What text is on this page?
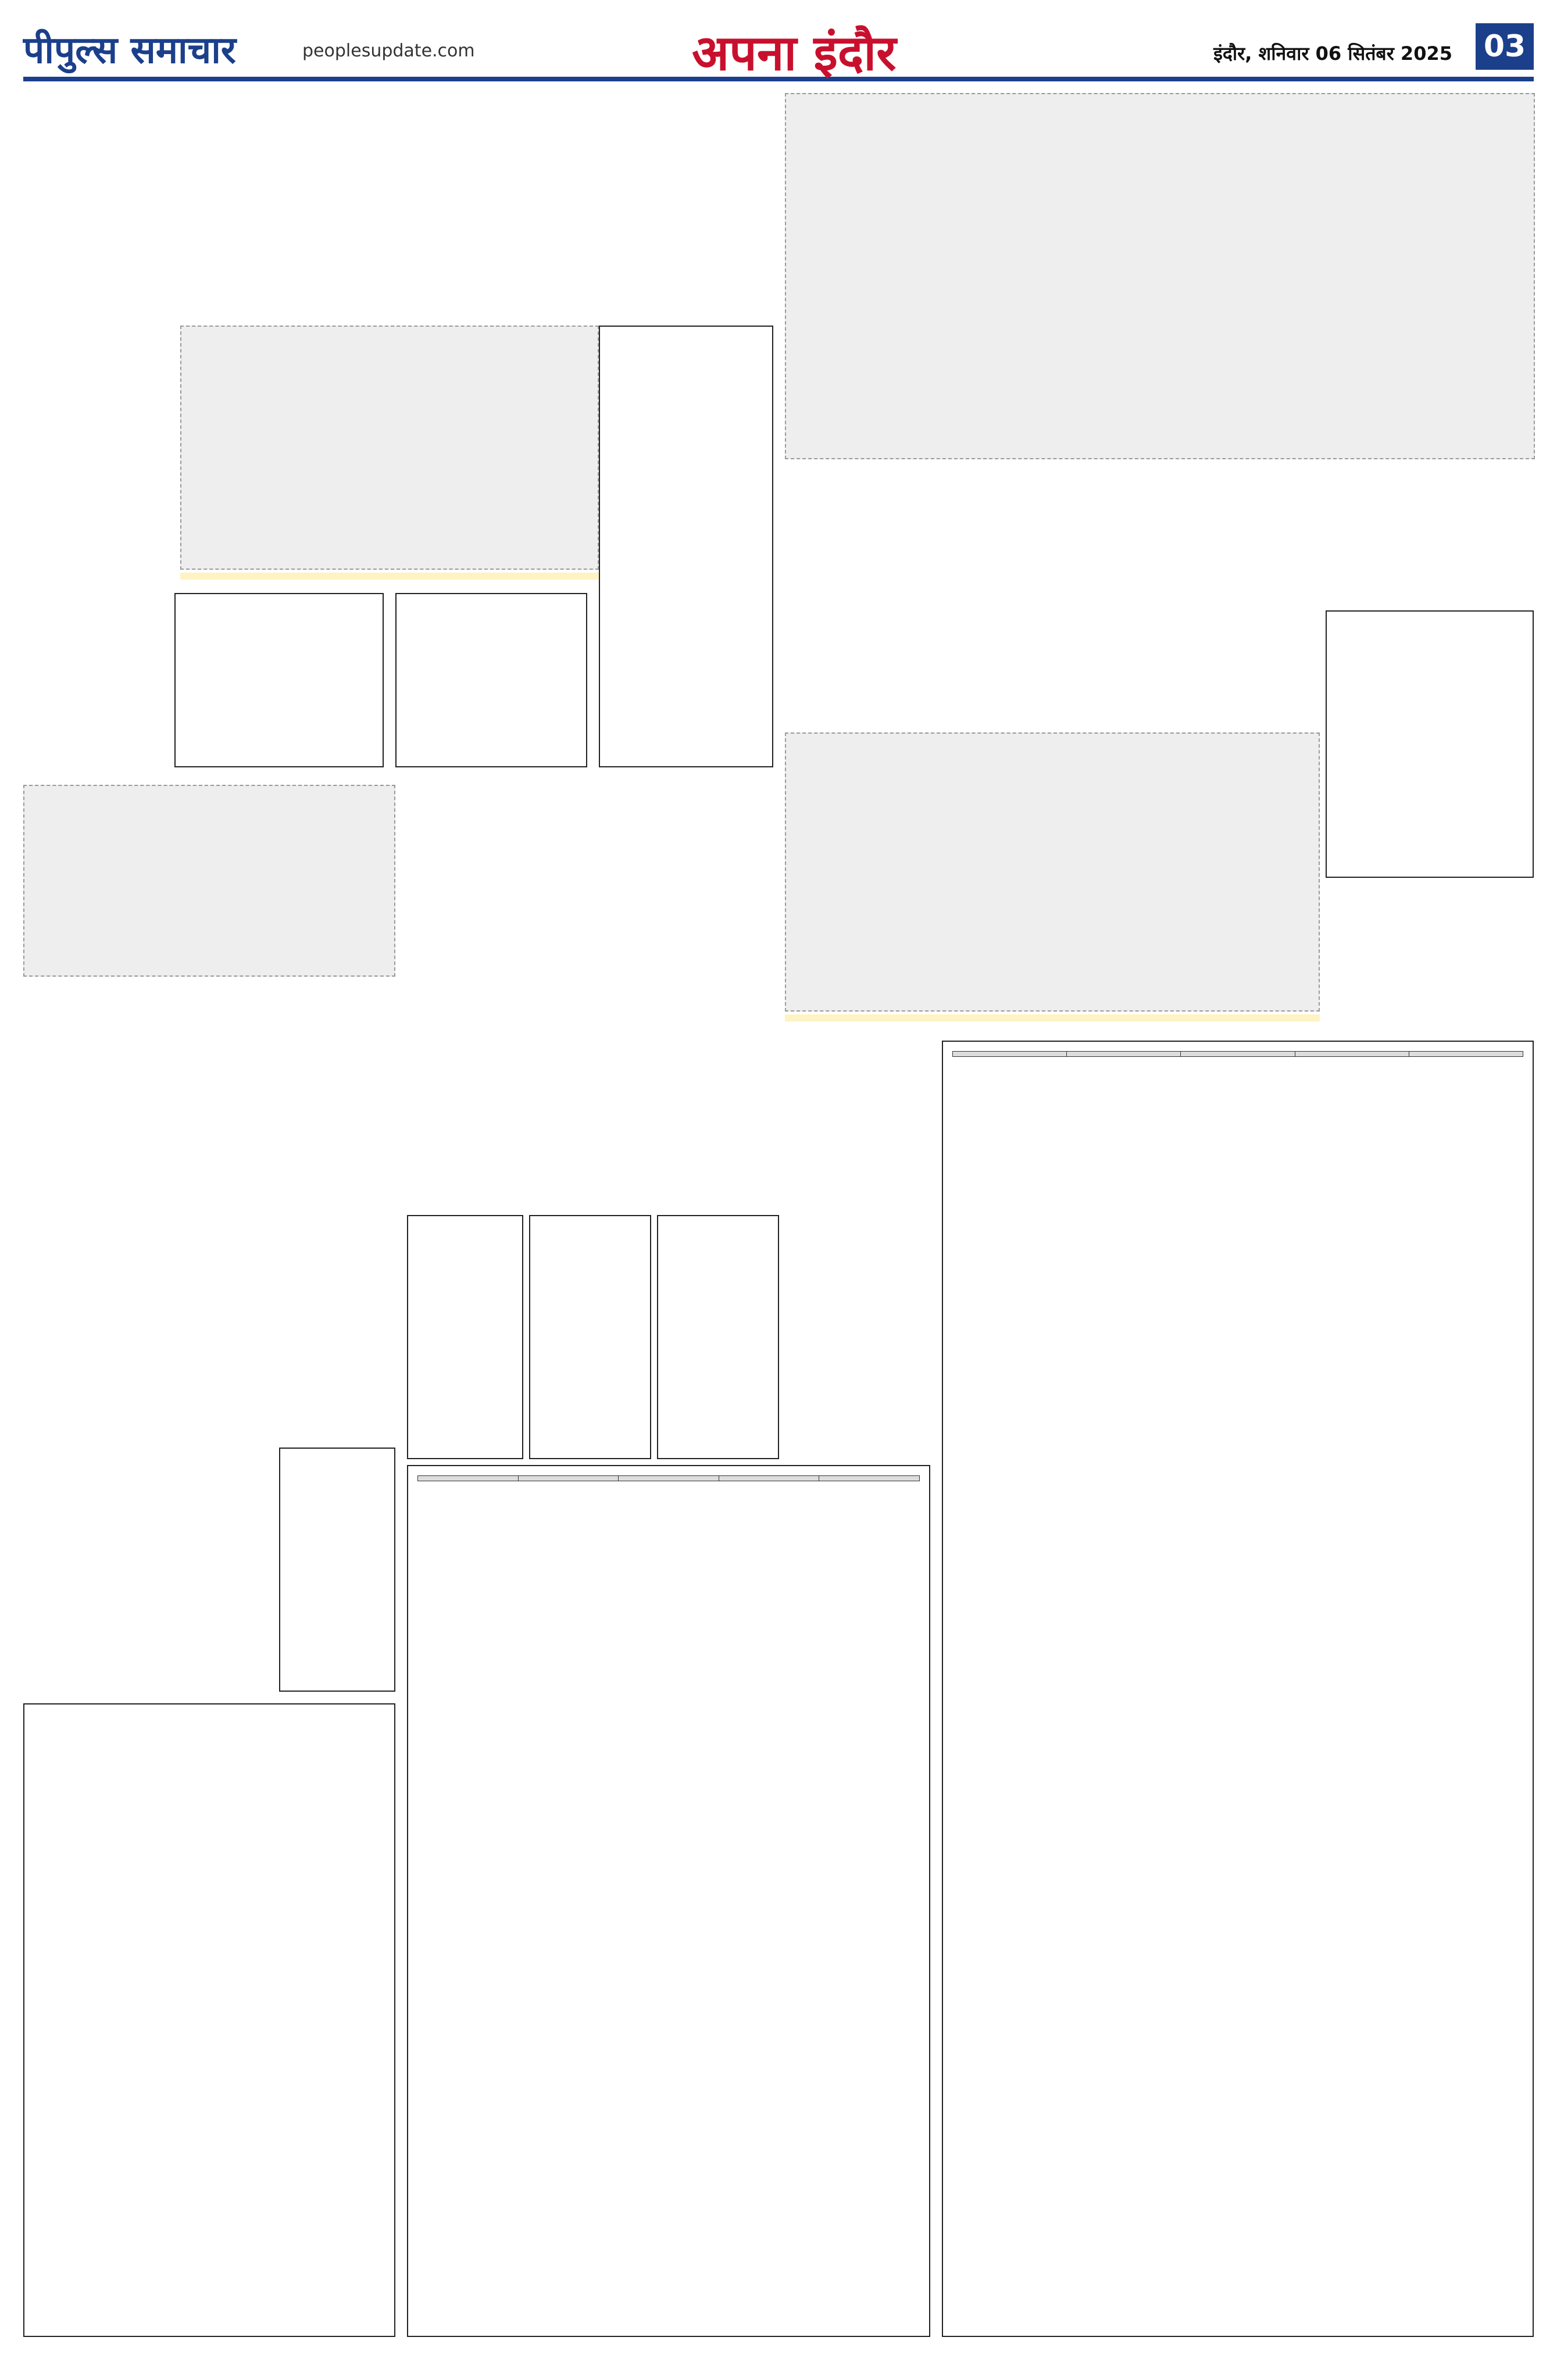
पीपुल्स समाचार	peoplesupdate.com	अपना इंदौर	इंदौर, शनिवार 06 सितंबर 2025 03
